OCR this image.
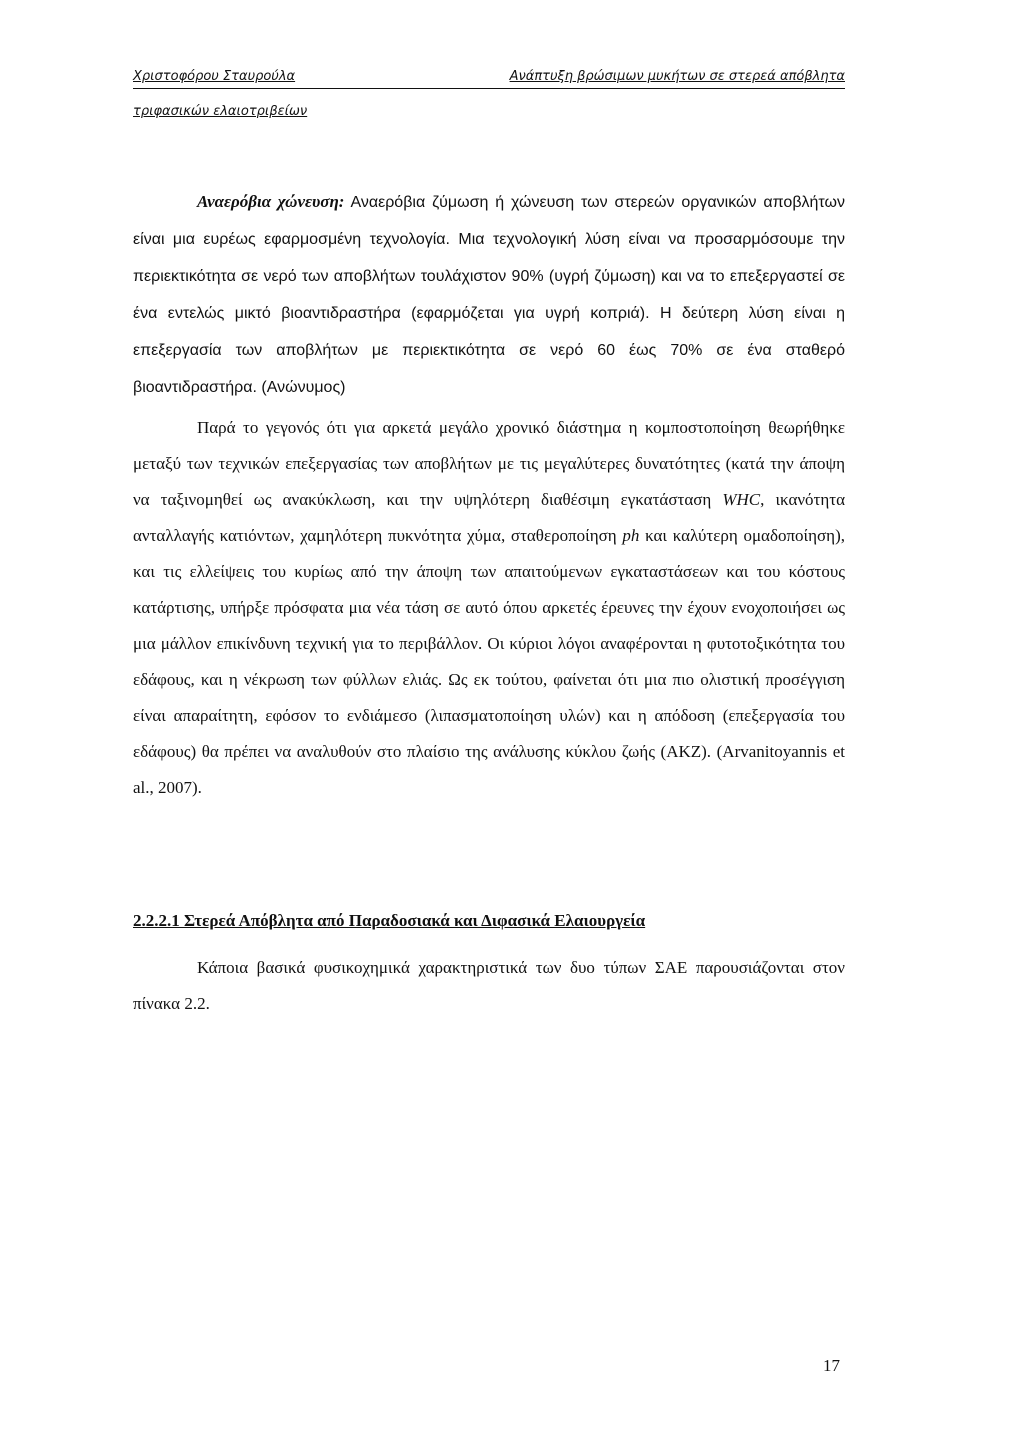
Χριστοφόρου Σταυρούλα	Ανάπτυξη βρώσιμων μυκήτων σε στερεά απόβλητα
τριφασικών ελαιοτριβείων

Αναερόβια χώνευση: Αναερόβια ζύμωση ή χώνευση των στερεών οργανικών αποβλήτων είναι μια ευρέως εφαρμοσμένη τεχνολογία. Μια τεχνολογική λύση είναι να προσαρμόσουμε την περιεκτικότητα σε νερό των αποβλήτων τουλάχιστον 90% (υγρή ζύμωση) και να το επεξεργαστεί σε ένα εντελώς μικτό βιοαντιδραστήρα (εφαρμόζεται για υγρή κοπριά). Η δεύτερη λύση είναι η επεξεργασία των αποβλήτων με περιεκτικότητα σε νερό 60 έως 70% σε ένα σταθερό βιοαντιδραστήρα. (Ανώνυμος)

Παρά το γεγονός ότι για αρκετά μεγάλο χρονικό διάστημα η κομποστοποίηση θεωρήθηκε μεταξύ των τεχνικών επεξεργασίας των αποβλήτων με τις μεγαλύτερες δυνατότητες (κατά την άποψη να ταξινομηθεί ως ανακύκλωση, και την υψηλότερη διαθέσιμη εγκατάσταση WHC, ικανότητα ανταλλαγής κατιόντων, χαμηλότερη πυκνότητα χύμα, σταθεροποίηση ph και καλύτερη ομαδοποίηση), και τις ελλείψεις του κυρίως από την άποψη των απαιτούμενων εγκαταστάσεων και του κόστους κατάρτισης, υπήρξε πρόσφατα μια νέα τάση σε αυτό όπου αρκετές έρευνες την έχουν ενοχοποιήσει ως μια μάλλον επικίνδυνη τεχνική για το περιβάλλον. Οι κύριοι λόγοι αναφέρονται η φυτοτοξικότητα του εδάφους, και η νέκρωση των φύλλων ελιάς. Ως εκ τούτου, φαίνεται ότι μια πιο ολιστική προσέγγιση είναι απαραίτητη, εφόσον το ενδιάμεσο (λιπασματοποίηση υλών) και η απόδοση (επεξεργασία του εδάφους) θα πρέπει να αναλυθούν στο πλαίσιο της ανάλυσης κύκλου ζωής (ΑΚΖ). (Arvanitoyannis et al., 2007).

2.2.2.1 Στερεά Απόβλητα από Παραδοσιακά και Διφασικά Ελαιουργεία

Κάποια βασικά φυσικοχημικά χαρακτηριστικά των δυο τύπων ΣΑΕ παρουσιάζονται στον πίνακα 2.2.

17
